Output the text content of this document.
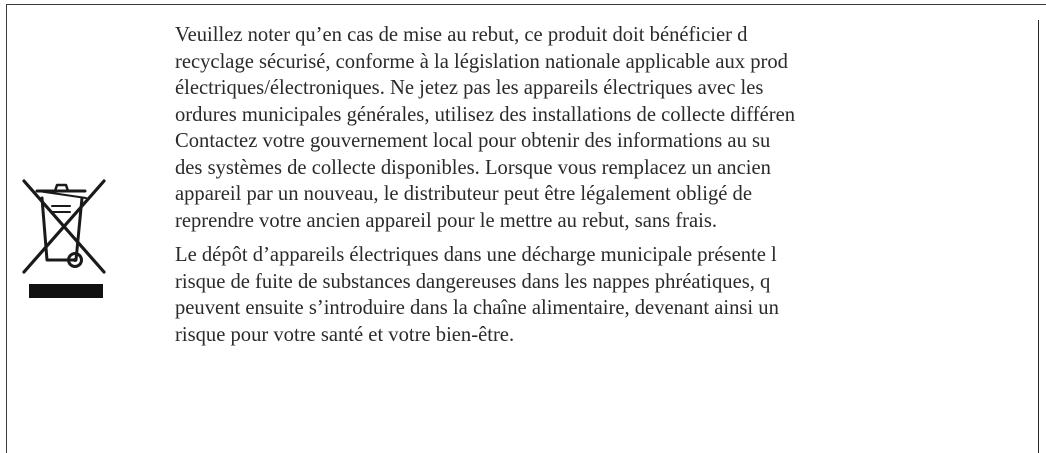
Veuillez noter qu’en cas de mise au rebut, ce produit doit bénéficier d
recyclage sécurisé, conforme à la législation nationale applicable aux prod
électriques/électroniques. Ne jetez pas les appareils électriques avec les
ordures municipales générales, utilisez des installations de collecte différen
Contactez votre gouvernement local pour obtenir des informations au su
des systèmes de collecte disponibles. Lorsque vous remplacez un ancien
appareil par un nouveau, le distributeur peut être légalement obligé de
reprendre votre ancien appareil pour le mettre au rebut, sans frais.
Le dépôt d’appareils électriques dans une décharge municipale présente l
risque de fuite de substances dangereuses dans les nappes phréatiques, q
peuvent ensuite s’introduire dans la chaîne alimentaire, devenant ainsi un
risque pour votre santé et votre bien-être.
